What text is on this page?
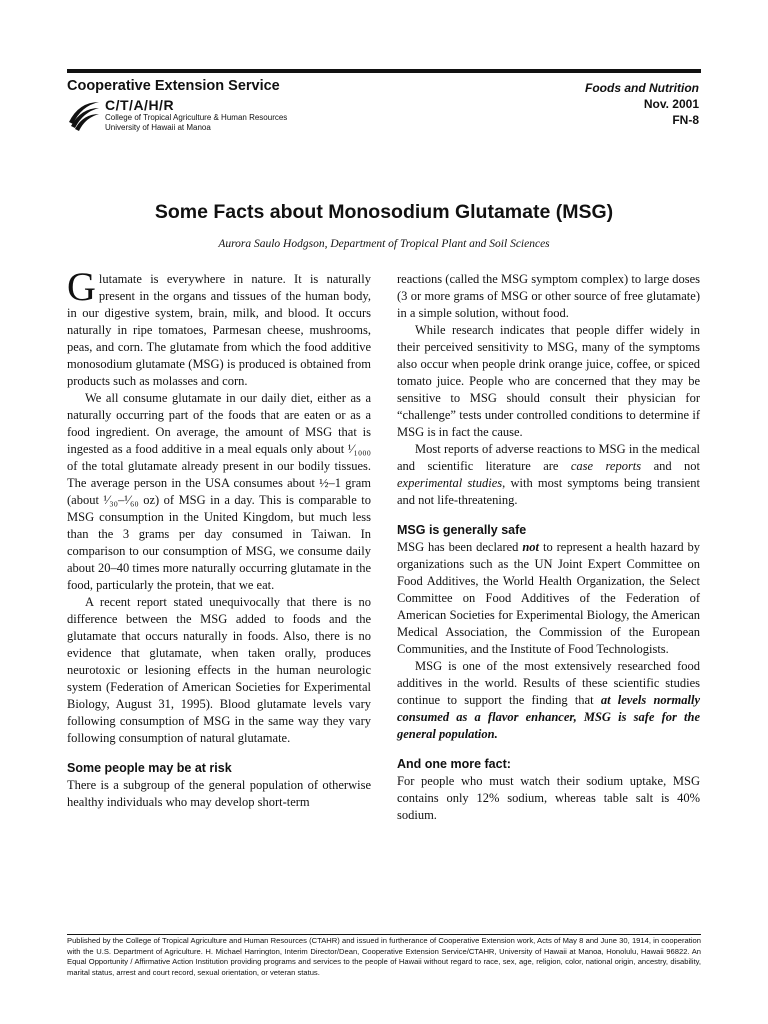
Cooperative Extension Service
C/T/A/H/R
College of Tropical Agriculture & Human Resources
University of Hawaii at Manoa
Foods and Nutrition
Nov. 2001
FN-8
Some Facts about Monosodium Glutamate (MSG)
Aurora Saulo Hodgson, Department of Tropical Plant and Soil Sciences

Glutamate is everywhere in nature. It is naturally present in the organs and tissues of the human body, in our digestive system, brain, milk, and blood. It occurs naturally in ripe tomatoes, Parmesan cheese, mushrooms, peas, and corn. The glutamate from which the food additive monosodium glutamate (MSG) is produced is obtained from products such as molasses and corn.

We all consume glutamate in our daily diet, either as a naturally occurring part of the foods that are eaten or as a food ingredient. On average, the amount of MSG that is ingested as a food additive in a meal equals only about ¹⁄₁₀₀₀ of the total glutamate already present in our bodily tissues. The average person in the USA consumes about ½–1 gram (about ¹⁄₃₀–¹⁄₆₀ oz) of MSG in a day. This is comparable to MSG consumption in the United Kingdom, but much less than the 3 grams per day consumed in Taiwan. In comparison to our consumption of MSG, we consume daily about 20–40 times more naturally occurring glutamate in the food, particularly the protein, that we eat.

A recent report stated unequivocally that there is no difference between the MSG added to foods and the glutamate that occurs naturally in foods. Also, there is no evidence that glutamate, when taken orally, produces neurotoxic or lesioning effects in the human neurologic system (Federation of American Societies for Experimental Biology, August 31, 1995). Blood glutamate levels vary following consumption of MSG in the same way they vary following consumption of natural glutamate.

Some people may be at risk

There is a subgroup of the general population of otherwise healthy individuals who may develop short-term

reactions (called the MSG symptom complex) to large doses (3 or more grams of MSG or other source of free glutamate) in a simple solution, without food.

While research indicates that people differ widely in their perceived sensitivity to MSG, many of the symptoms also occur when people drink orange juice, coffee, or spiced tomato juice. People who are concerned that they may be sensitive to MSG should consult their physician for “challenge” tests under controlled conditions to determine if MSG is in fact the cause.

Most reports of adverse reactions to MSG in the medical and scientific literature are case reports and not experimental studies, with most symptoms being transient and not life-threatening.

MSG is generally safe

MSG has been declared not to represent a health hazard by organizations such as the UN Joint Expert Committee on Food Additives, the World Health Organization, the Select Committee on Food Additives of the Federation of American Societies for Experimental Biology, the American Medical Association, the Commission of the European Communities, and the Institute of Food Technologists.

MSG is one of the most extensively researched food additives in the world. Results of these scientific studies continue to support the finding that at levels normally consumed as a flavor enhancer, MSG is safe for the general population.

And one more fact:

For people who must watch their sodium uptake, MSG contains only 12% sodium, whereas table salt is 40% sodium.

Published by the College of Tropical Agriculture and Human Resources (CTAHR) and issued in furtherance of Cooperative Extension work, Acts of May 8 and June 30, 1914, in cooperation with the U.S. Department of Agriculture. H. Michael Harrington, Interim Director/Dean, Cooperative Extension Service/CTAHR, University of Hawaii at Manoa, Honolulu, Hawaii 96822. An Equal Opportunity / Affirmative Action Institution providing programs and services to the people of Hawaii without regard to race, sex, age, religion, color, national origin, ancestry, disability, marital status, arrest and court record, sexual orientation, or veteran status.
